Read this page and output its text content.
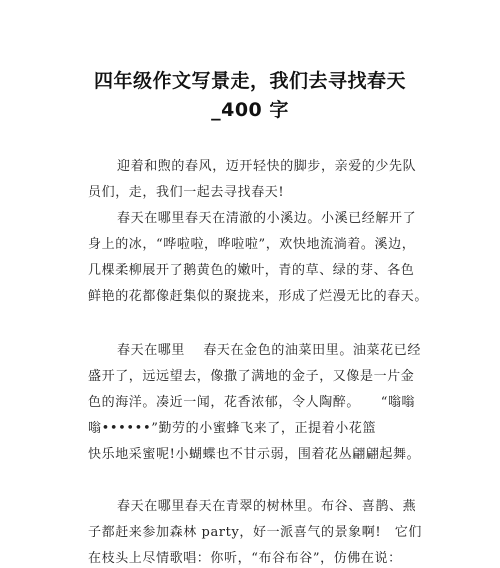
四年级作文写景走，我们去寻找春天
_400 字
迎着和煦的春风，迈开轻快的脚步，亲爱的少先队
员们，走，我们一起去寻找春天!
春天在哪里春天在清澈的小溪边。小溪已经解开了
身上的冰，“哗啦啦，哗啦啦”，欢快地流淌着。溪边，
几棵柔柳展开了鹅黄色的嫩叶，青的草、绿的芽、各色
鲜艳的花都像赶集似的聚拢来，形成了烂漫无比的春天。
春天在哪里　 春天在金色的油菜田里。油菜花已经
盛开了，远远望去，像撒了满地的金子，又像是一片金
色的海洋。凑近一闻，花香浓郁，令人陶醉。　　“嗡嗡
嗡••••••”勤劳的小蜜蜂飞来了，正提着小花篮
快乐地采蜜呢!小蝴蝶也不甘示弱，围着花丛翩翩起舞。
春天在哪里春天在青翠的树林里。布谷、喜鹊、燕
子都赶来参加森林 party，好一派喜气的景象啊!　它们
在枝头上尽情歌唱：你听，“布谷布谷”，仿佛在说：
